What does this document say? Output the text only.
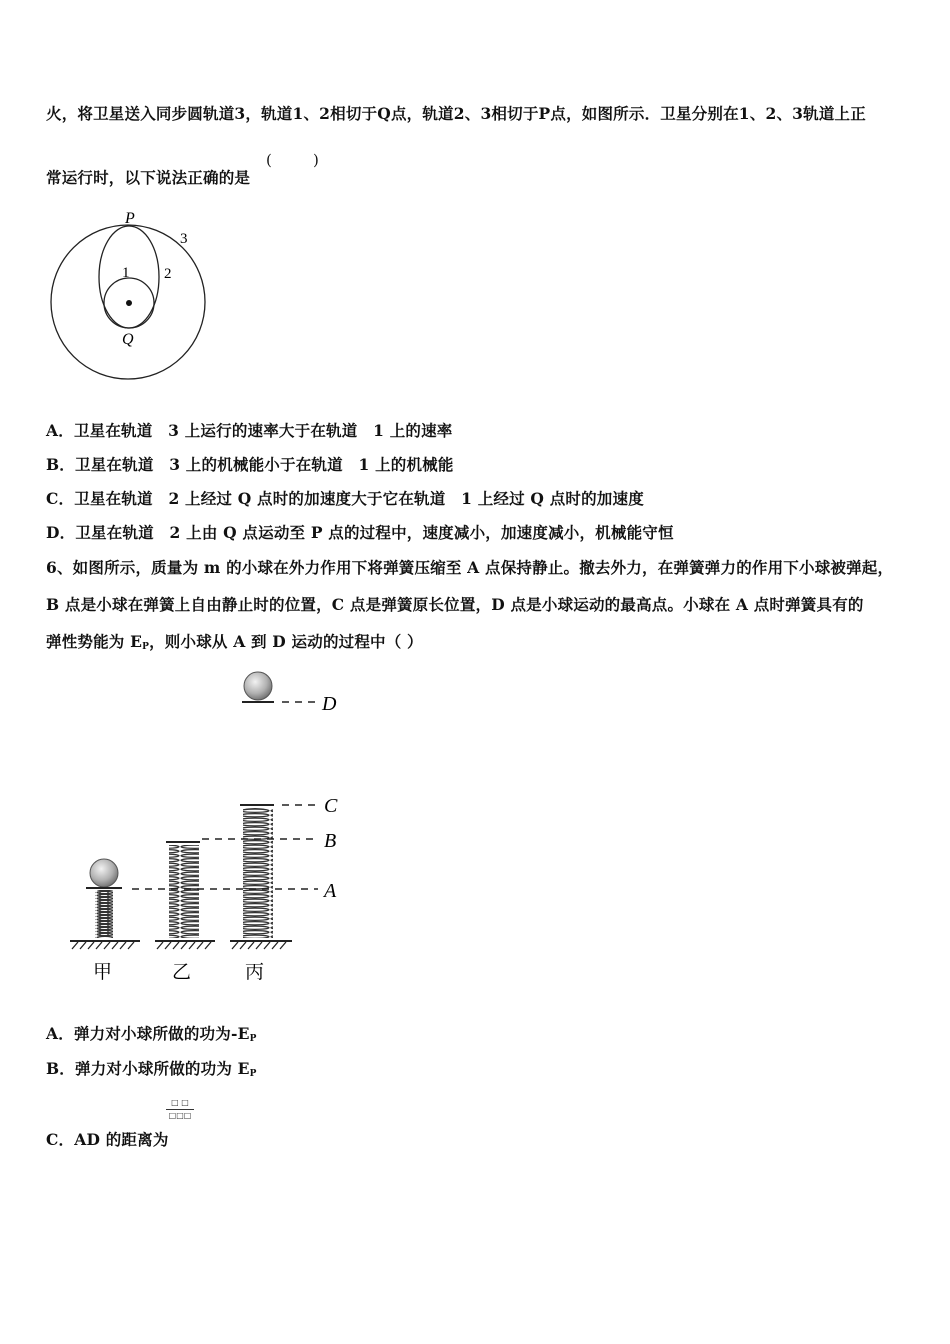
火，将卫星送入同步圆轨道3，轨道1、2相切于Q点，轨道2、3相切于P点，如图所示．卫星分别在1、2、3轨道上正
常运行时，以下说法正确的是
(	)
P
Q
1 2
3
A．卫星在轨道　3 上运行的速率大于在轨道　1 上的速率
B．卫星在轨道　3 上的机械能小于在轨道　1 上的机械能
C．卫星在轨道　2 上经过 Q 点时的加速度大于它在轨道　1 上经过 Q 点时的加速度
D．卫星在轨道　2 上由 Q 点运动至 P 点的过程中，速度减小，加速度减小，机械能守恒
6、如图所示，质量为 m 的小球在外力作用下将弹簧压缩至 A 点保持静止。撤去外力，在弹簧弹力的作用下小球被弹起，
B 点是小球在弹簧上自由静止时的位置，C 点是弹簧原长位置，D 点是小球运动的最高点。小球在 A 点时弹簧具有的
弹性势能为 $E_P$，则小球从 A 到 D 运动的过程中（ ）
D
C
B
A
甲	乙	丙
A．弹力对小球所做的功为$-E_P$
B．弹力对小球所做的功为 $E_P$
C．AD 的距离为
□ □
□□□
